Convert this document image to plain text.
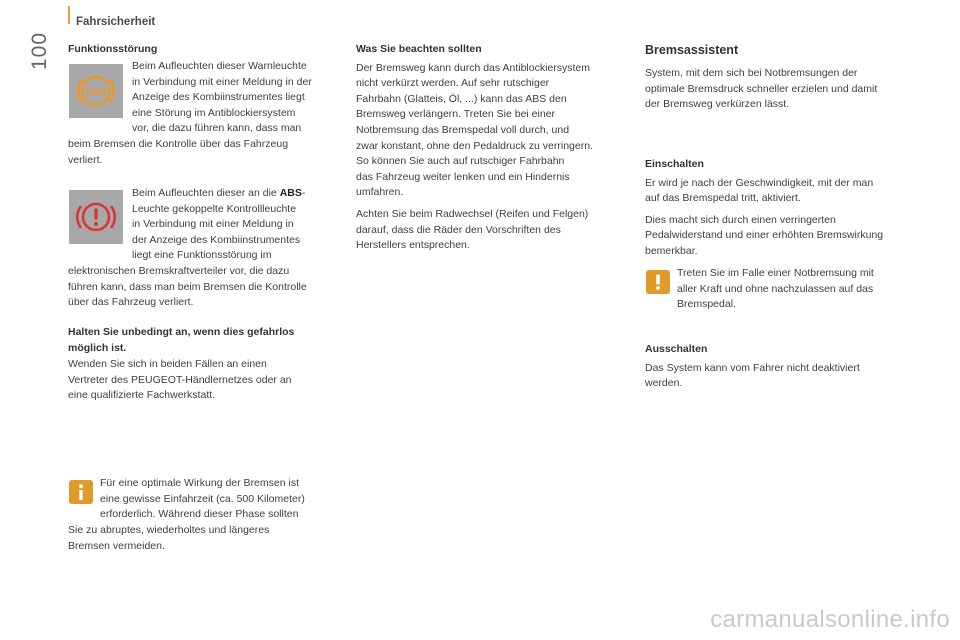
Fahrsicherheit
100 Funktionsstörung
ABS

Beim Aufleuchten dieser Warnleuchte

in Verbindung mit einer Meldung in der

Anzeige des Kombiinstrumentes liegt

eine Störung im Antiblockiersystem

vor, die dazu führen kann, dass man

beim Bremsen die Kontrolle über das Fahrzeug

verliert.

Beim Aufleuchten dieser an die ABS-

Leuchte gekoppelte Kontrollleuchte

in Verbindung mit einer Meldung in

der Anzeige des Kombiinstrumentes

liegt eine Funktionsstörung im

elektronischen Bremskraftverteiler vor, die dazu

führen kann, dass man beim Bremsen die Kontrolle

über das Fahrzeug verliert.

Halten Sie unbedingt an, wenn dies gefahrlos

möglich ist.

Wenden Sie sich in beiden Fällen an einen

Vertreter des PEUGEOT-Händlernetzes oder an

eine qualifizierte Fachwerkstatt.

Für eine optimale Wirkung der Bremsen ist

eine gewisse Einfahrzeit (ca. 500 Kilometer)

erforderlich. Während dieser Phase sollten

Sie zu abruptes, wiederholtes und längeres

Bremsen vermeiden.

Was Sie beachten sollten

Der Bremsweg kann durch das Antiblockiersystem

nicht verkürzt werden. Auf sehr rutschiger

Fahrbahn (Glatteis, Öl, ...) kann das ABS den

Bremsweg verlängern. Treten Sie bei einer

Notbremsung das Bremspedal voll durch, und

zwar konstant, ohne den Pedaldruck zu verringern.

So können Sie auch auf rutschiger Fahrbahn

das Fahrzeug weiter lenken und ein Hindernis

umfahren.

Achten Sie beim Radwechsel (Reifen und Felgen)

darauf, dass die Räder den Vorschriften des

Herstellers entsprechen.

Bremsassistent

System, mit dem sich bei Notbremsungen der

optimale Bremsdruck schneller erzielen und damit

der Bremsweg verkürzen lässt.

Einschalten

Er wird je nach der Geschwindigkeit, mit der man

auf das Bremspedal tritt, aktiviert.

Dies macht sich durch einen verringerten

Pedalwiderstand und einer erhöhten Bremswirkung

bemerkbar.

Treten Sie im Falle einer Notbremsung mit

aller Kraft und ohne nachzulassen auf das

Bremspedal.

Ausschalten

Das System kann vom Fahrer nicht deaktiviert

werden.

carmanualsonline.info
